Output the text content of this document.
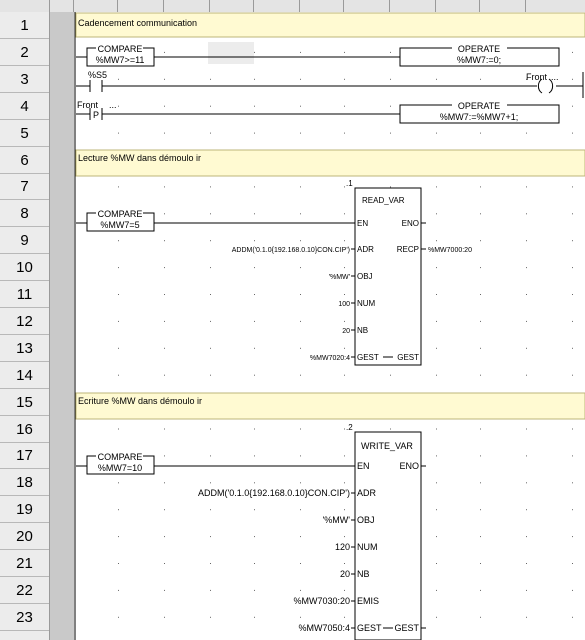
1
2
3
4
5
6
7
8
9
10
11
12
13
14
15
16
17
18
19
20
21
22
23
Cadencement communication
COMPARE
%MW7>=11
OPERATE
%MW7:=0;
%S5	Front ...
Front ...
P
OPERATE
%MW7:=%MW7+1;
Lecture %MW dans démoulo ir
COMPARE
%MW7=5
.1
READ_VAR
EN
ADR
OBJ
NUM
NB
GEST
ENO
RECP
GEST
ADDM('0.1.0{192.168.0.10}CON.CIP')
'%MW'
100
20
%MW7020:4
%MW7000:20
Ecriture %MW dans démoulo ir
COMPARE
%MW7=10
.2
WRITE_VAR
EN
ADR
OBJ
NUM
NB
EMIS
GEST
ENO
GEST
ADDM('0.1.0{192.168.0.10}CON.CIP')
'%MW'
120
20
%MW7030:20
%MW7050:4
